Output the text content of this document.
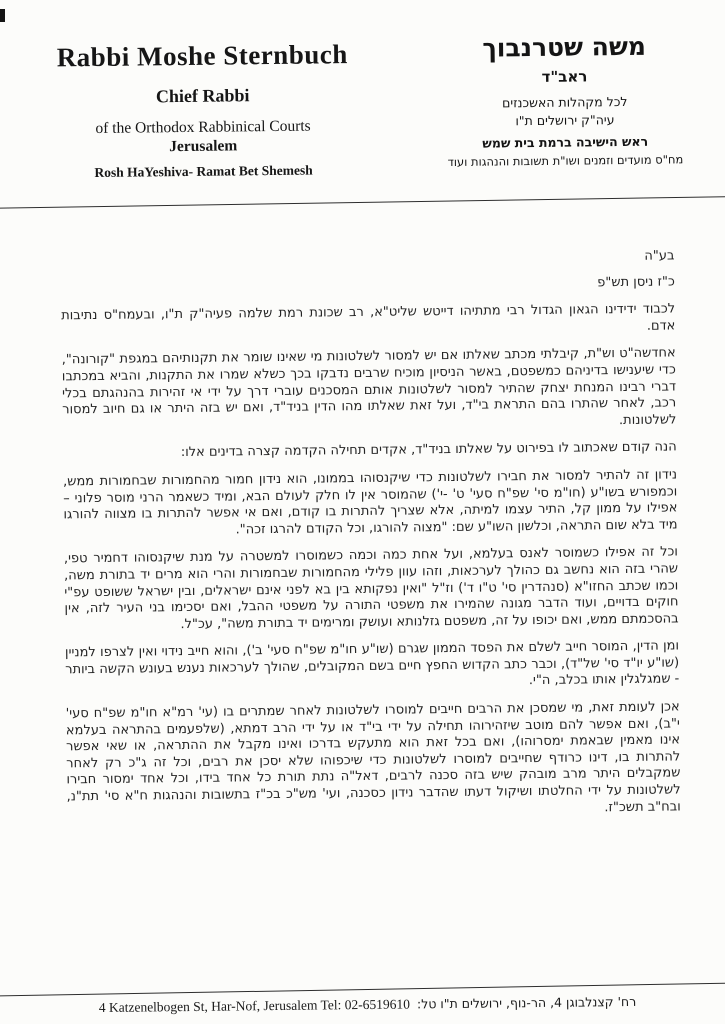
Rabbi Moshe Sternbuch
Chief Rabbi
of the Orthodox Rabbinical Courts
Jerusalem
Rosh HaYeshiva- Ramat Bet Shemesh
משה שטרנבוך
ראב"ד
לכל מקהלות האשכנזים
עיה"ק ירושלים ת"ו
ראש הישיבה ברמת בית שמש
מח"ס מועדים וזמנים ושו"ת תשובות והנהגות ועוד

בע"ה

כ"ז ניסן תש"פ

לכבוד ידידינו הגאון הגדול רבי מתתיהו דייטש שליט"א, רב שכונת רמת שלמה פעיה"ק ת"ו, ובעמח"ס נתיבות אדם.

אחדשה"ט וש"ת, קיבלתי מכתב שאלתו אם יש למסור לשלטונות מי שאינו שומר את תקנותיהם במגפת "קורונה", כדי שיענישו בדיניהם כמשפטם, באשר הניסיון מוכיח שרבים נדבקו בכך כשלא שמרו את התקנות, והביא במכתבו דברי רבינו המנחת יצחק שהתיר למסור לשלטונות אותם המסכנים עוברי דרך על ידי אי זהירות בהנהגתם בכלי רכב, לאחר שהתרו בהם התראת בי"ד, ועל זאת שאלתו מהו הדין בניד"ד, ואם יש בזה היתר או גם חיוב למסור לשלטונות.

הנה קודם שאכתוב לו בפירוט על שאלתו בניד"ד, אקדים תחילה הקדמה קצרה בדינים אלו:

נידון זה להתיר למסור את חבירו לשלטונות כדי שיקנסוהו בממונו, הוא נידון חמור מהחמורות שבחמורות ממש, וכמפורש בשו"ע (חו"מ סי' שפ"ח סעי' ט' -י') שהמוסר אין לו חלק לעולם הבא, ומיד כשאמר הרני מוסר פלוני – אפילו על ממון קל, התיר עצמו למיתה, אלא שצריך להתרות בו קודם, ואם אי אפשר להתרות בו מצווה להורגו מיד בלא שום התראה, וכלשון השו"ע שם: "מצוה להורגו, וכל הקודם להרגו זכה".

וכל זה אפילו כשמוסר לאנס בעלמא, ועל אחת כמה וכמה כשמוסרו למשטרה על מנת שיקנסוהו דחמיר טפי, שהרי בזה הוא נחשב גם כהולך לערכאות, וזהו עוון פלילי מהחמורות שבחמורות והרי הוא מרים יד בתורת משה, וכמו שכתב החזו"א (סנהדרין סי' ט"ו ד') וז"ל "ואין נפקותא בין בא לפני אינם ישראלים, ובין ישראל ששופט עפ"י חוקים בדויים, ועוד הדבר מגונה שהמירו את משפטי התורה על משפטי ההבל, ואם יסכימו בני העיר לזה, אין בהסכמתם ממש, ואם יכופו על זה, משפטם גזלנותא ועושק ומרימים יד בתורת משה", עכ"ל.

ומן הדין, המוסר חייב לשלם את הפסד הממון שגרם (שו"ע חו"מ שפ"ח סעי' ב'), והוא חייב נידוי ואין לצרפו למניין (שו"ע יו"ד סי' של"ד), וכבר כתב הקדוש החפץ חיים בשם המקובלים, שהולך לערכאות נענש בעונש הקשה ביותר - שמגלגלין אותו בכלב, ה"י.

אכן לעומת זאת, מי שמסכן את הרבים חייבים למוסרו לשלטונות לאחר שמתרים בו (עי' רמ"א חו"מ שפ"ח סעי' י"ב), ואם אפשר להם מוטב שיזהירוהו תחילה על ידי בי"ד או על ידי הרב דמתא, (שלפעמים בהתראה בעלמא אינו מאמין שבאמת ימסרוהו), ואם בכל זאת הוא מתעקש בדרכו ואינו מקבל את ההתראה, או שאי אפשר להתרות בו, דינו כרודף שחייבים למוסרו לשלטונות כדי שיכפוהו שלא יסכן את רבים, וכל זה ג"כ רק לאחר שמקבלים היתר מרב מובהק שיש בזה סכנה לרבים, דאל"ה נתת תורת כל אחד בידו, וכל אחד ימסור חבירו לשלטונות על ידי החלטתו ושיקול דעתו שהדבר נידון כסכנה, ועי' מש"כ בכ"ז בתשובות והנהגות ח"א סי' תת"נ, ובח"ב תשכ"ז.

4 Katzenelbogen St, Har-Nof, Jerusalem Tel: 02-6519610 רח' קצנלבוגן 4, הר-נוף, ירושלים ת"ו טל:
